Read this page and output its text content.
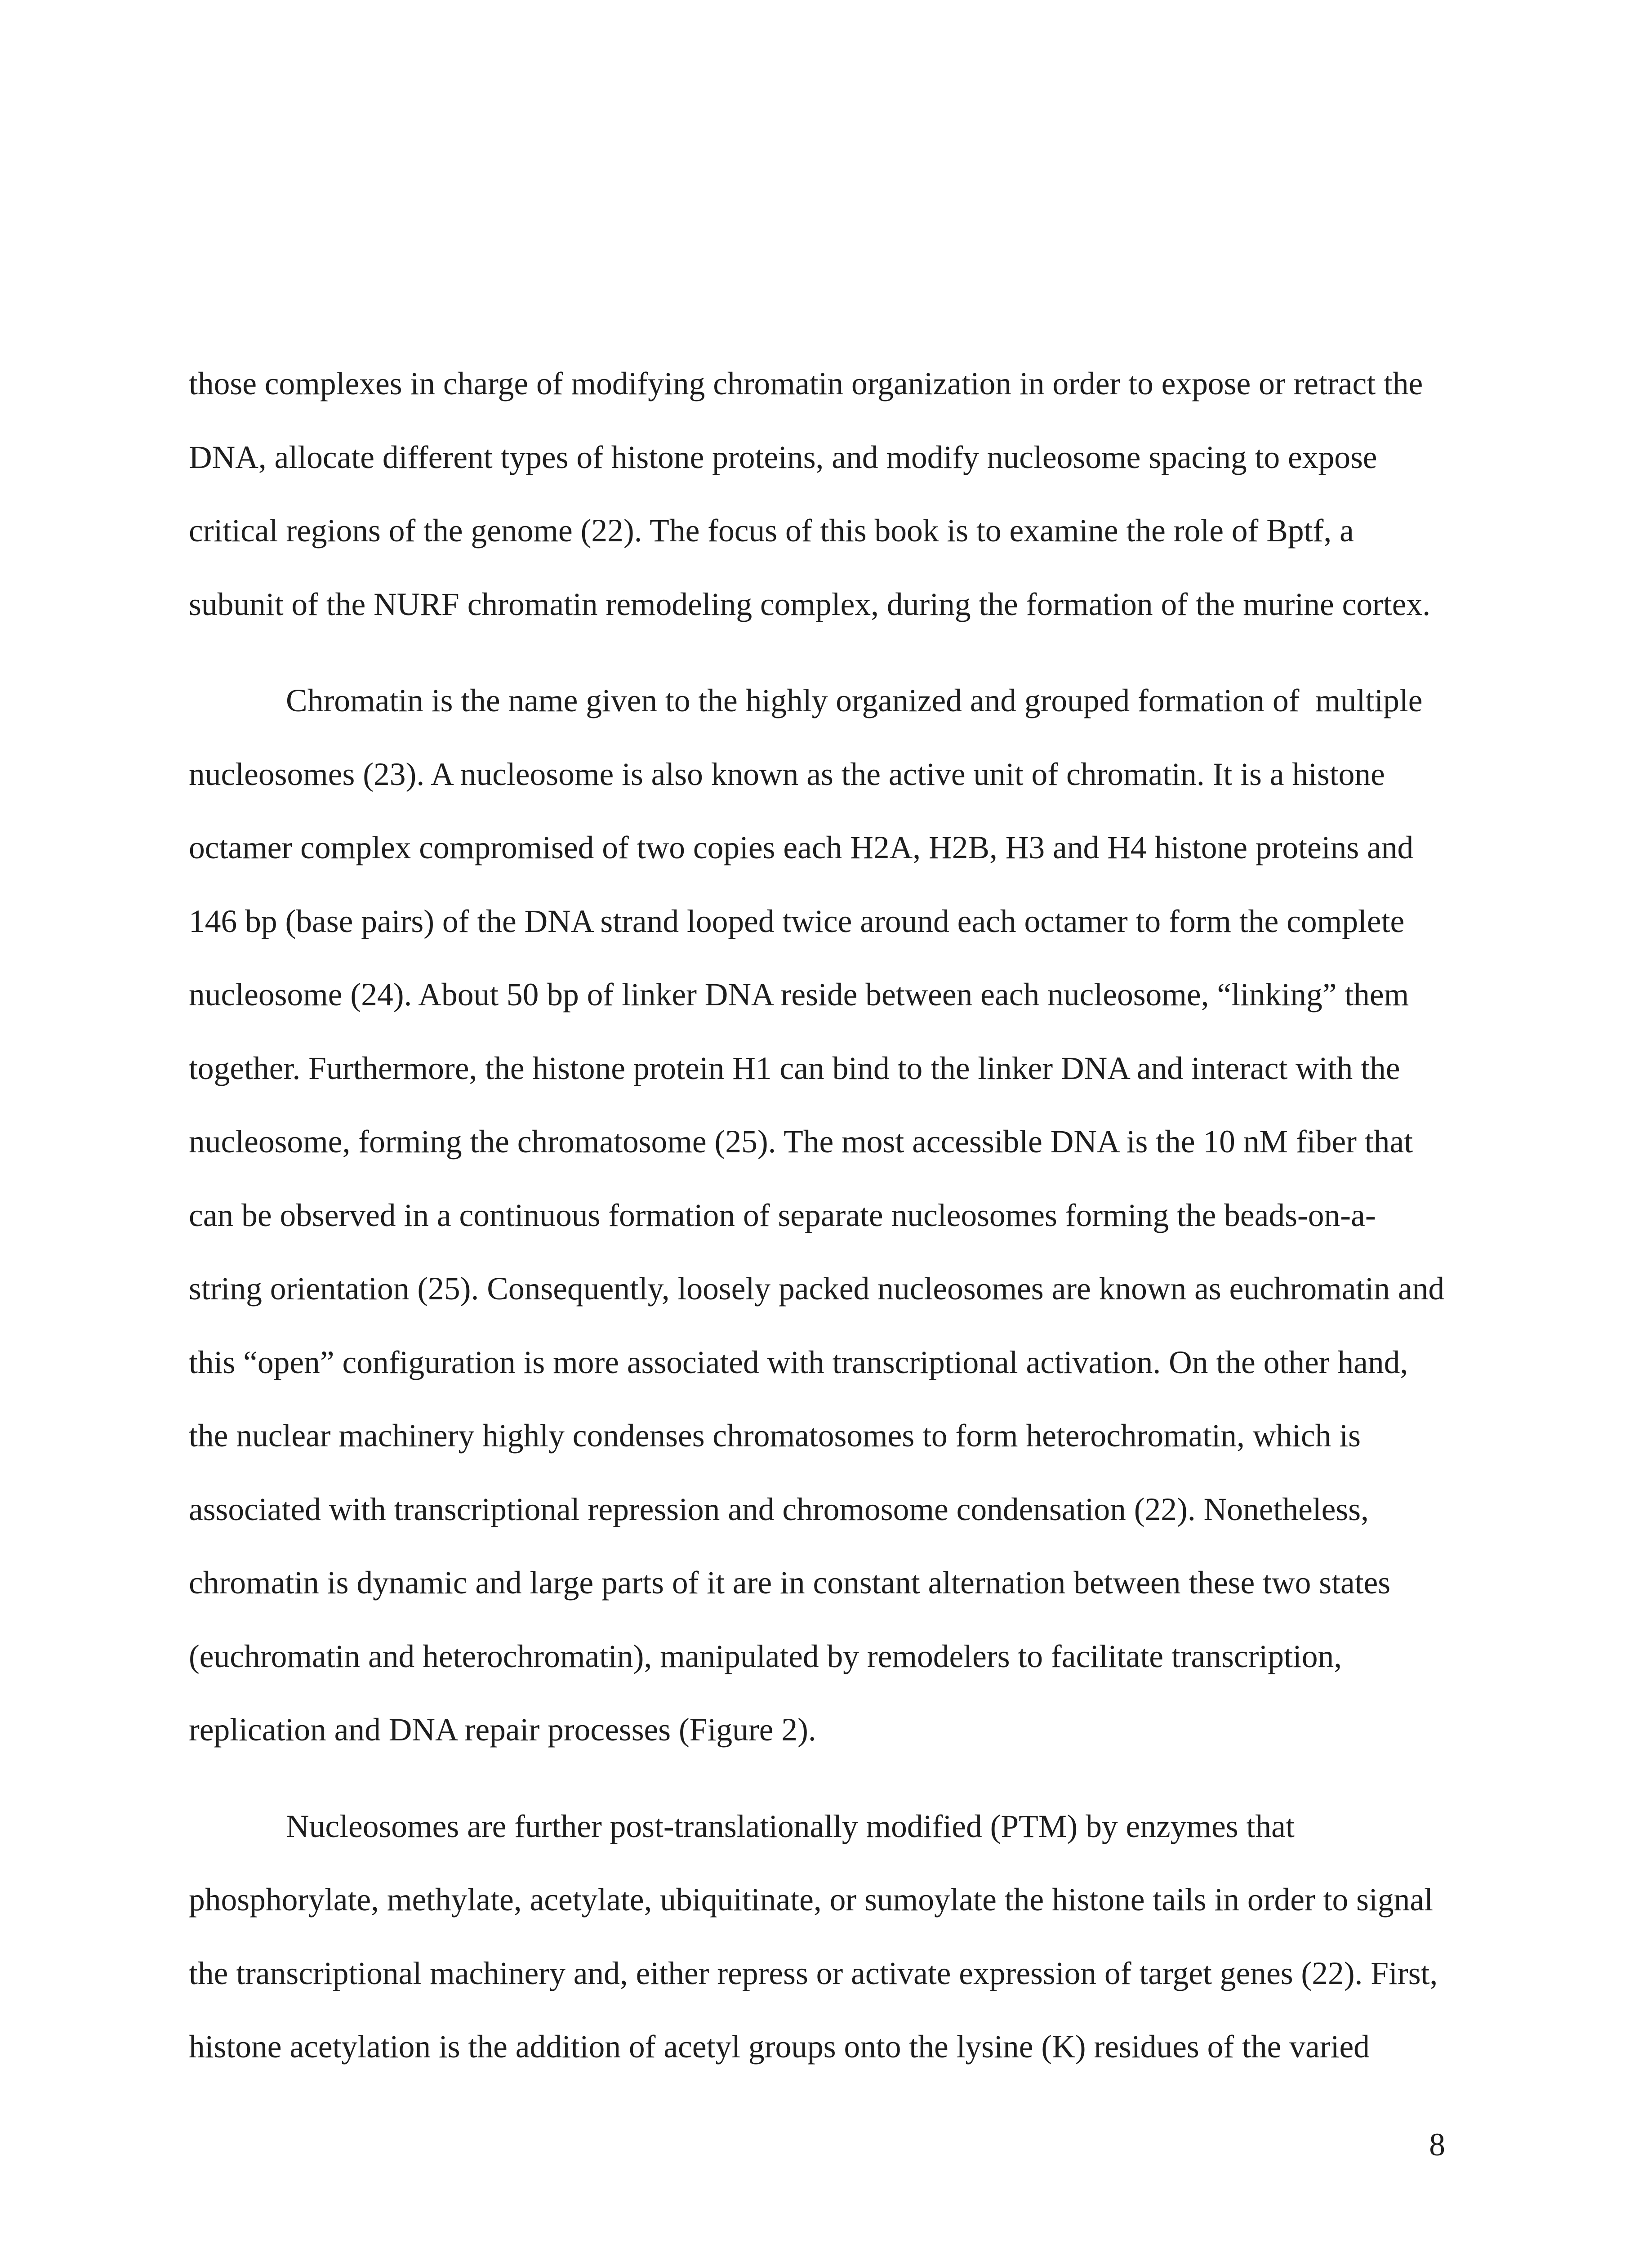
those complexes in charge of modifying chromatin organization in order to expose or retract the
DNA, allocate different types of histone proteins, and modify nucleosome spacing to expose
critical regions of the genome (22). The focus of this book is to examine the role of Bptf, a
subunit of the NURF chromatin remodeling complex, during the formation of the murine cortex.
Chromatin is the name given to the highly organized and grouped formation of  multiple
nucleosomes (23). A nucleosome is also known as the active unit of chromatin. It is a histone
octamer complex compromised of two copies each H2A, H2B, H3 and H4 histone proteins and
146 bp (base pairs) of the DNA strand looped twice around each octamer to form the complete
nucleosome (24). About 50 bp of linker DNA reside between each nucleosome, “linking” them
together. Furthermore, the histone protein H1 can bind to the linker DNA and interact with the
nucleosome, forming the chromatosome (25). The most accessible DNA is the 10 nM fiber that
can be observed in a continuous formation of separate nucleosomes forming the beads-on-a-
string orientation (25). Consequently, loosely packed nucleosomes are known as euchromatin and
this “open” configuration is more associated with transcriptional activation. On the other hand,
the nuclear machinery highly condenses chromatosomes to form heterochromatin, which is
associated with transcriptional repression and chromosome condensation (22). Nonetheless,
chromatin is dynamic and large parts of it are in constant alternation between these two states
(euchromatin and heterochromatin), manipulated by remodelers to facilitate transcription,
replication and DNA repair processes (Figure 2).
Nucleosomes are further post-translationally modified (PTM) by enzymes that
phosphorylate, methylate, acetylate, ubiquitinate, or sumoylate the histone tails in order to signal
the transcriptional machinery and, either repress or activate expression of target genes (22). First,
histone acetylation is the addition of acetyl groups onto the lysine (K) residues of the varied
8
